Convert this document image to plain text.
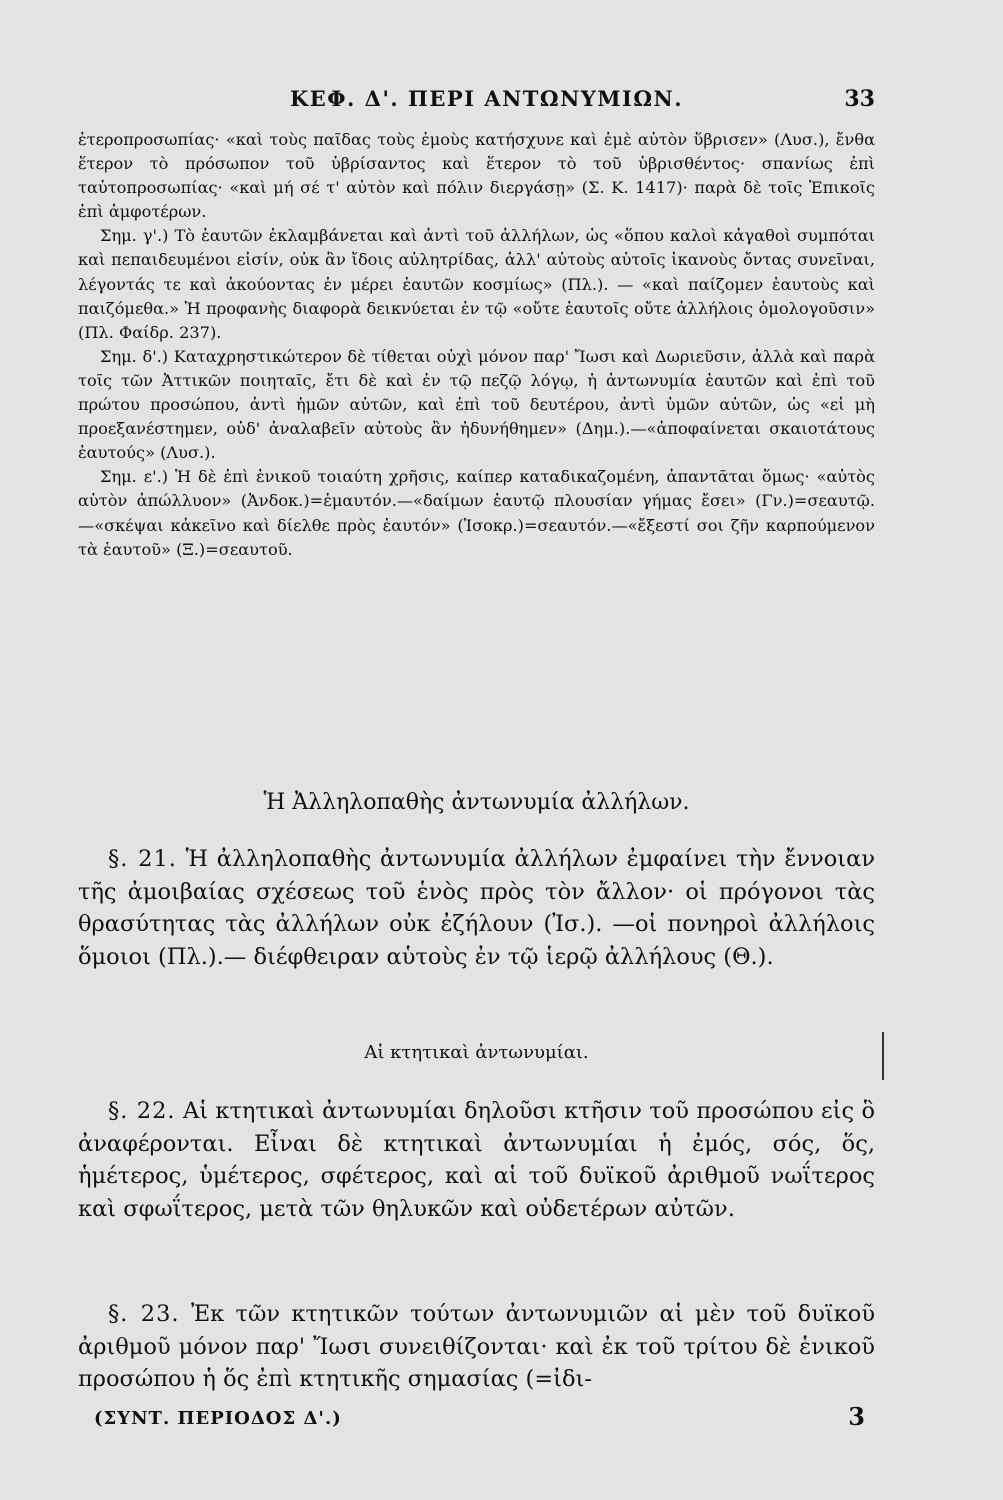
ΚΕΦ. Δ'. ΠΕΡΙ ΑΝΤΩΝΥΜΙΩΝ.	33

ἑτεροπροσωπίας· «καὶ τοὺς παῖδας τοὺς ἐμοὺς κατήσχυνε καὶ ἐμὲ αὐτὸν ὕβρισεν» (Λυσ.), ἔνθα ἕτερον τὸ πρόσωπον τοῦ ὑβρίσαντος καὶ ἕτερον τὸ τοῦ ὑβρισθέντος· σπανίως ἐπὶ ταὐτοπροσωπίας· «καὶ μή σέ τ' αὐτὸν καὶ πόλιν διεργάσῃ» (Σ. Κ. 1417)· παρὰ δὲ τοῖς Ἐπικοῖς ἐπὶ ἀμφοτέρων.

Σημ. γ'.) Τὸ ἑαυτῶν ἐκλαμβάνεται καὶ ἀντὶ τοῦ ἀλλήλων, ὡς «ὅπου καλοὶ κἀγαθοὶ συμπόται καὶ πεπαιδευμένοι εἰσίν, οὐκ ἂν ἴδοις αὐλητρίδας, ἀλλ' αὐτοὺς αὑτοῖς ἱκανοὺς ὄντας συνεῖναι, λέγοντάς τε καὶ ἀκούοντας ἐν μέρει ἑαυτῶν κοσμίως» (Πλ.). — «καὶ παίζομεν ἑαυτοὺς καὶ παιζόμεθα.» Ἡ προφανὴς διαφορὰ δεικνύεται ἐν τῷ «οὔτε ἑαυτοῖς οὔτε ἀλλήλοις ὁμολογοῦσιν» (Πλ. Φαίδρ. 237).

Σημ. δ'.) Καταχρηστικώτερον δὲ τίθεται οὐχὶ μόνον παρ' Ἴωσι καὶ Δωριεῦσιν, ἀλλὰ καὶ παρὰ τοῖς τῶν Ἀττικῶν ποιηταῖς, ἔτι δὲ καὶ ἐν τῷ πεζῷ λόγῳ, ἡ ἀντωνυμία ἑαυτῶν καὶ ἐπὶ τοῦ πρώτου προσώπου, ἀντὶ ἡμῶν αὐτῶν, καὶ ἐπὶ τοῦ δευτέρου, ἀντὶ ὑμῶν αὐτῶν, ὡς «εἰ μὴ προεξανέστημεν, οὐδ' ἀναλαβεῖν αὑτοὺς ἂν ἠδυνήθημεν» (Δημ.).—«ἀποφαίνεται σκαιοτάτους ἑαυτούς» (Λυσ.).

Σημ. ε'.) Ἡ δὲ ἐπὶ ἑνικοῦ τοιαύτη χρῆσις, καίπερ καταδικαζομένη, ἀπαντᾶται ὅμως· «αὐτὸς αὑτὸν ἀπώλλυον» (Ἀνδοκ.)=ἐμαυτόν.—«δαίμων ἑαυτῷ πλουσίαν γήμας ἔσει» (Γν.)=σεαυτῷ.—«σκέψαι κἀκεῖνο καὶ δίελθε πρὸς ἑαυτόν» (Ἰσοκρ.)=σεαυτόν.—«ἔξεστί σοι ζῆν καρπούμενον τὰ ἑαυτοῦ» (Ξ.)=σεαυτοῦ.

Ἡ Ἀλληλοπαθὴς ἀντωνυμία ἀλλήλων.

§. 21. Ἡ ἀλληλοπαθὴς ἀντωνυμία ἀλλήλων ἐμφαίνει τὴν ἔννοιαν τῆς ἀμοιβαίας σχέσεως τοῦ ἑνὸς πρὸς τὸν ἄλλον· οἱ πρόγονοι τὰς θρασύτητας τὰς ἀλλήλων οὐκ ἐζήλουν (Ἰσ.). —οἱ πονηροὶ ἀλλήλοις ὅμοιοι (Πλ.).— διέφθειραν αὑτοὺς ἐν τῷ ἱερῷ ἀλλήλους (Θ.).

Αἱ κτητικαὶ ἀντωνυμίαι.

§. 22. Αἱ κτητικαὶ ἀντωνυμίαι δηλοῦσι κτῆσιν τοῦ προσώπου εἰς ὃ ἀναφέρονται. Εἶναι δὲ κτητικαὶ ἀντωνυμίαι ἡ ἐμός, σός, ὅς, ἡμέτερος, ὑμέτερος, σφέτερος, καὶ αἱ τοῦ δυϊκοῦ ἀριθμοῦ νωΐτερος καὶ σφωΐτερος, μετὰ τῶν θηλυκῶν καὶ οὐδετέρων αὐτῶν.

§. 23. Ἐκ τῶν κτητικῶν τούτων ἀντωνυμιῶν αἱ μὲν τοῦ δυϊκοῦ ἀριθμοῦ μόνον παρ' Ἴωσι συνειθίζονται· καὶ ἐκ τοῦ τρίτου δὲ ἑνικοῦ προσώπου ἡ ὅς ἐπὶ κτητικῆς σημασίας (=ἰδι-

(ΣΥΝΤ. ΠΕΡΙΟΔΟΣ Δ'.)	3
